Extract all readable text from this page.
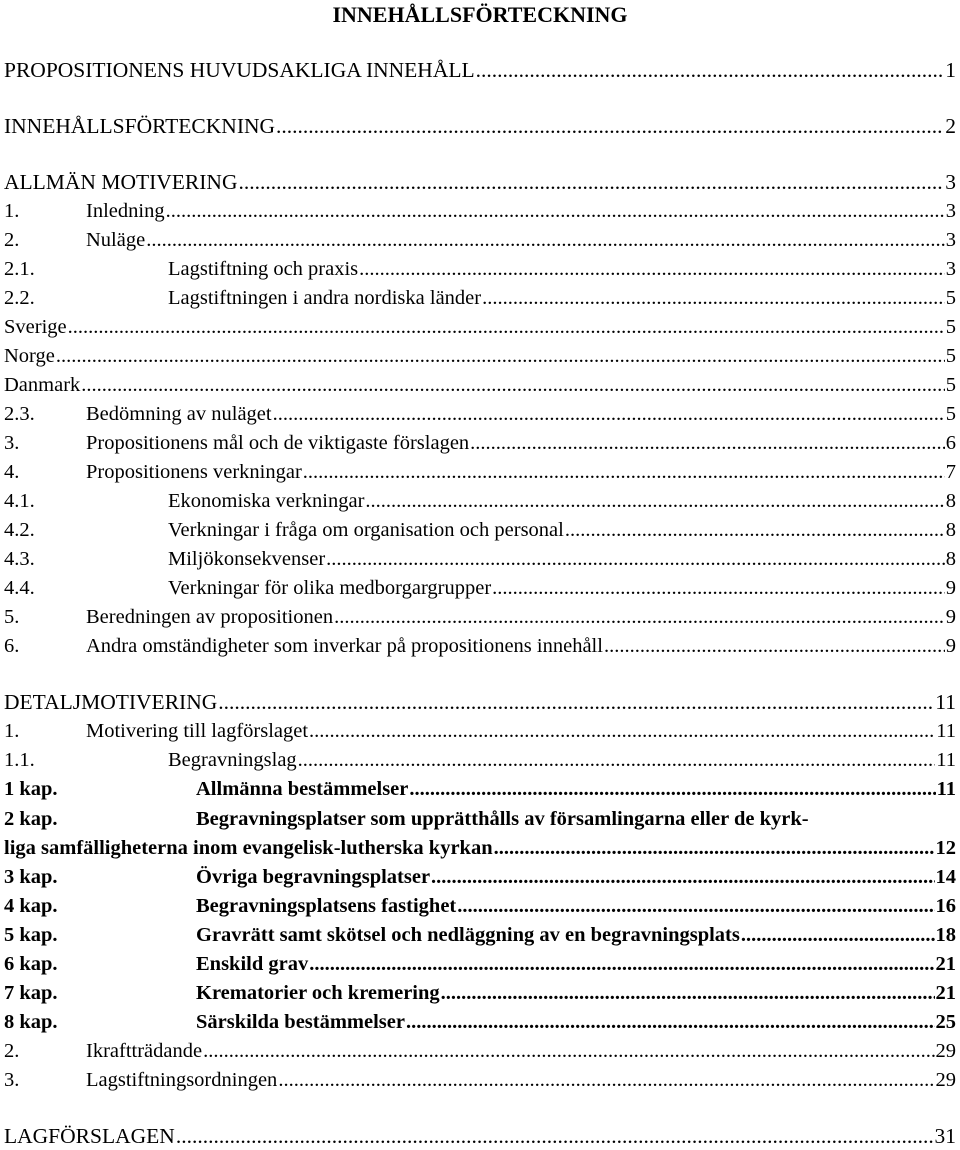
INNEHÅLLSFÖRTECKNING
PROPOSITIONENS HUVUDSAKLIGA INNEHÅLL .....	1
INNEHÅLLSFÖRTECKNING .....	2
ALLMÄN MOTIVERING .....	3
1.	Inledning .....	3
2.	Nuläge .....	3
2.1.	Lagstiftning och praxis .....	3
2.2.	Lagstiftningen i andra nordiska länder .....	5
Sverige .....	5
Norge .....	5
Danmark .....	5
2.3.	Bedömning av nuläget .....	5
3.	Propositionens mål och de viktigaste förslagen .....	6
4.	Propositionens verkningar .....	7
4.1.	Ekonomiska verkningar .....	8
4.2.	Verkningar i fråga om organisation och personal .....	8
4.3.	Miljökonsekvenser .....	8
4.4.	Verkningar för olika medborgargrupper .....	9
5.	Beredningen av propositionen .....	9
6.	Andra omständigheter som inverkar på propositionens innehåll .....	9
DETALJMOTIVERING .....	11
1.	Motivering till lagförslaget .....	11
1.1.	Begravningslag .....	11
1 kap.	Allmänna bestämmelser .....	11
2 kap.	Begravningsplatser som upprätthålls av församlingarna eller de kyrk-
liga samfälligheterna inom evangelisk-lutherska kyrkan .....	12
3 kap.	Övriga begravningsplatser .....	14
4 kap.	Begravningsplatsens fastighet .....	16
5 kap.	Gravrätt samt skötsel och nedläggning av en begravningsplats .....	18
6 kap.	Enskild grav .....	21
7 kap.	Krematorier och kremering .....	21
8 kap.	Särskilda bestämmelser .....	25
2.	Ikraftträdande .....	29
3.	Lagstiftningsordningen .....	29
LAGFÖRSLAGEN .....	31
